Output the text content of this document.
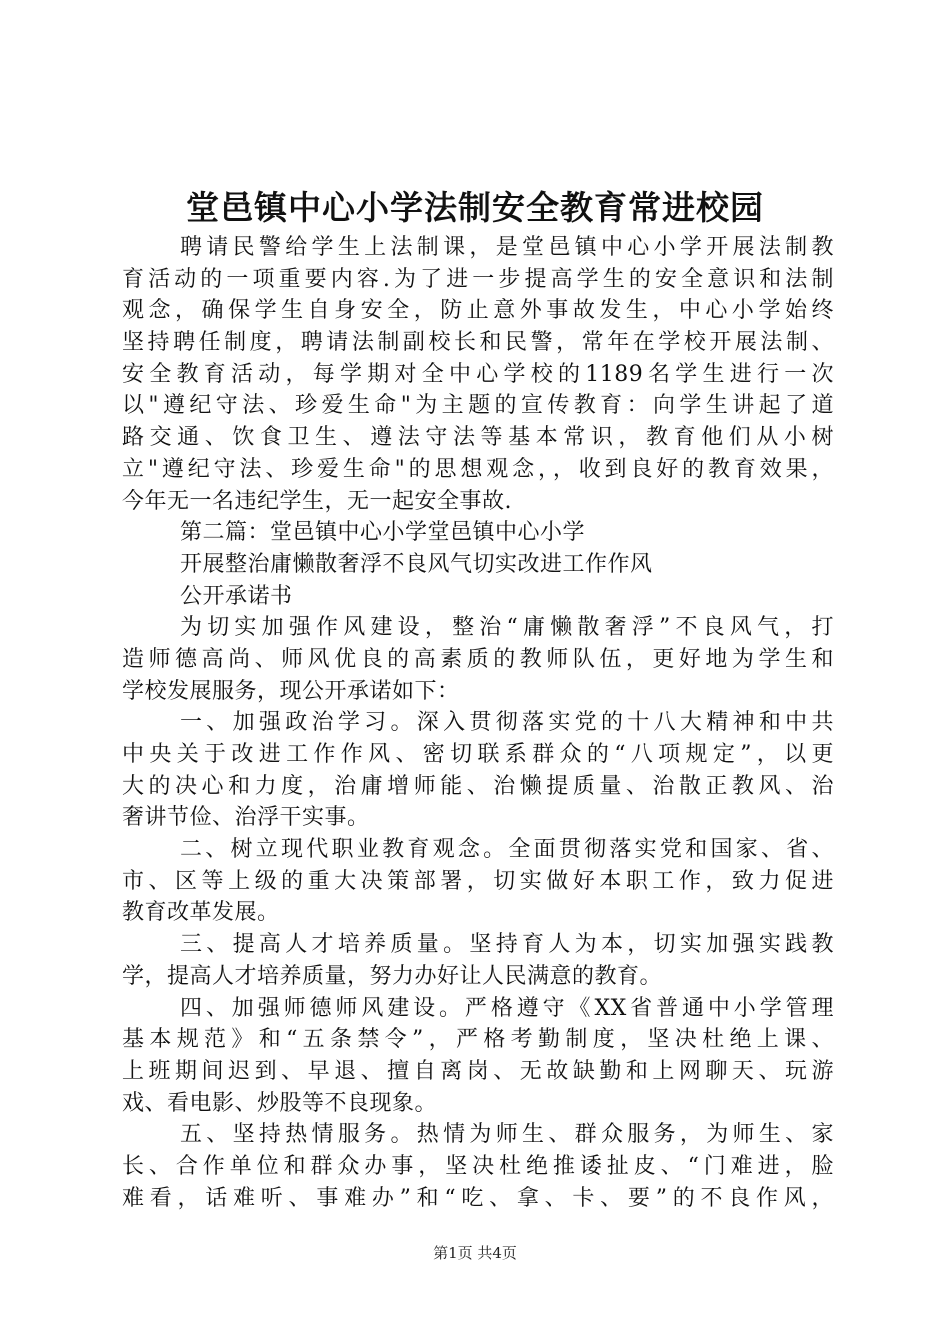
堂邑镇中心小学法制安全教育常进校园
聘请民警给学生上法制课，是堂邑镇中心小学开展法制教
育活动的一项重要内容.为了进一步提高学生的安全意识和法制
观念，确保学生自身安全，防止意外事故发生，中心小学始终
坚持聘任制度，聘请法制副校长和民警，常年在学校开展法制、
安全教育活动，每学期对全中心学校的1189名学生进行一次
以"遵纪守法、珍爱生命"为主题的宣传教育：向学生讲起了道
路交通、饮食卫生、遵法守法等基本常识，教育他们从小树
立"遵纪守法、珍爱生命"的思想观念，，收到良好的教育效果，
今年无一名违纪学生，无一起安全事故.
第二篇：堂邑镇中心小学堂邑镇中心小学
开展整治庸懒散奢浮不良风气切实改进工作作风
公开承诺书
为切实加强作风建设，整治“庸懒散奢浮”不良风气，打
造师德高尚、师风优良的高素质的教师队伍，更好地为学生和
学校发展服务，现公开承诺如下：
一、加强政治学习。深入贯彻落实党的十八大精神和中共
中央关于改进工作作风、密切联系群众的“八项规定”，以更
大的决心和力度，治庸增师能、治懒提质量、治散正教风、治
奢讲节俭、治浮干实事。
二、树立现代职业教育观念。全面贯彻落实党和国家、省、
市、区等上级的重大决策部署，切实做好本职工作，致力促进
教育改革发展。
三、提高人才培养质量。坚持育人为本，切实加强实践教
学，提高人才培养质量，努力办好让人民满意的教育。
四、加强师德师风建设。严格遵守《XX省普通中小学管理
基本规范》和“五条禁令”，严格考勤制度，坚决杜绝上课、
上班期间迟到、早退、擅自离岗、无故缺勤和上网聊天、玩游
戏、看电影、炒股等不良现象。
五、坚持热情服务。热情为师生、群众服务，为师生、家
长、合作单位和群众办事，坚决杜绝推诿扯皮、“门难进，脸
难看，话难听、事难办”和“吃、拿、卡、要”的不良作风，
第1页 共4页
